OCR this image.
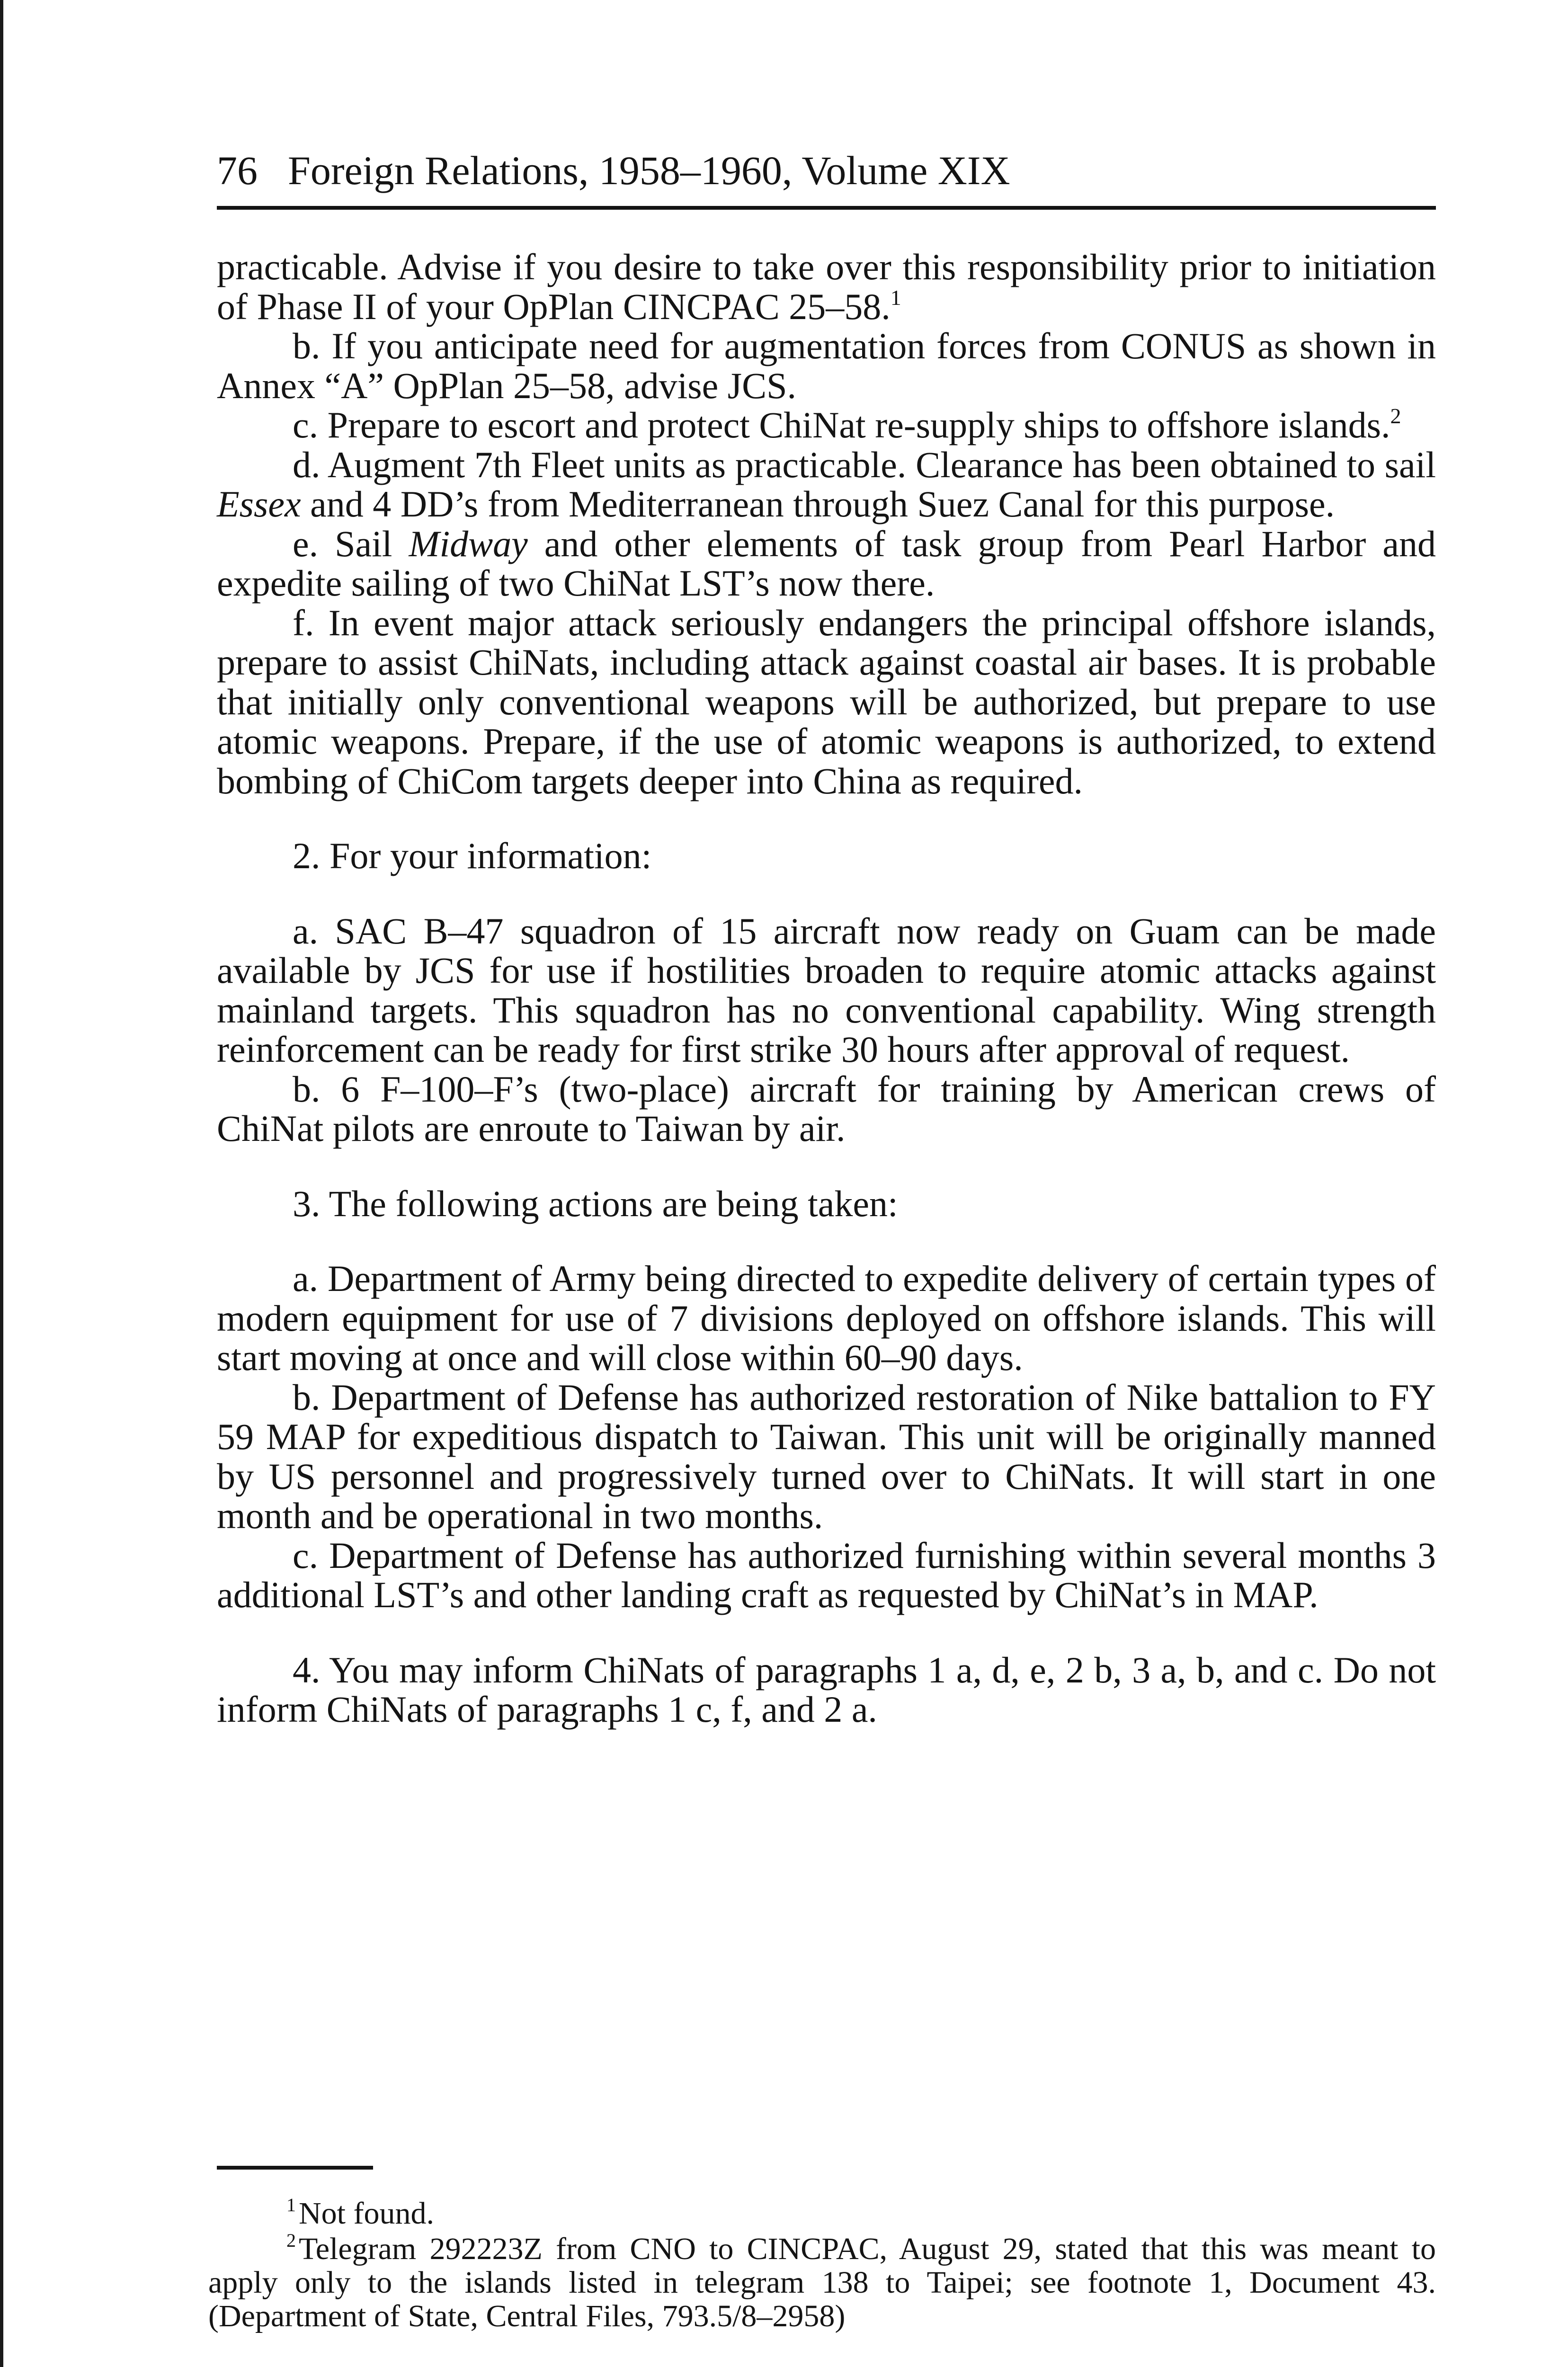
76 Foreign Relations, 1958–1960, Volume XIX

practicable. Advise if you desire to take over this responsibility prior to initiation of Phase II of your OpPlan CINCPAC 25–58.$^1$

b. If you anticipate need for augmentation forces from CONUS as shown in Annex “A” OpPlan 25–58, advise JCS.

c. Prepare to escort and protect ChiNat re-supply ships to offshore islands.$^2$

d. Augment 7th Fleet units as practicable. Clearance has been obtained to sail Essex and 4 DD’s from Mediterranean through Suez Canal for this purpose.

e. Sail Midway and other elements of task group from Pearl Harbor and expedite sailing of two ChiNat LST’s now there.

f. In event major attack seriously endangers the principal offshore islands, prepare to assist ChiNats, including attack against coastal air bases. It is probable that initially only conventional weapons will be authorized, but prepare to use atomic weapons. Prepare, if the use of atomic weapons is authorized, to extend bombing of ChiCom targets deeper into China as required.

2. For your information:

a. SAC B–47 squadron of 15 aircraft now ready on Guam can be made available by JCS for use if hostilities broaden to require atomic attacks against mainland targets. This squadron has no conventional capability. Wing strength reinforcement can be ready for first strike 30 hours after approval of request.

b. 6 F–100–F’s (two-place) aircraft for training by American crews of ChiNat pilots are enroute to Taiwan by air.

3. The following actions are being taken:

a. Department of Army being directed to expedite delivery of certain types of modern equipment for use of 7 divisions deployed on offshore islands. This will start moving at once and will close within 60–90 days.

b. Department of Defense has authorized restoration of Nike battalion to FY 59 MAP for expeditious dispatch to Taiwan. This unit will be originally manned by US personnel and progressively turned over to ChiNats. It will start in one month and be operational in two months.

c. Department of Defense has authorized furnishing within several months 3 additional LST’s and other landing craft as requested by ChiNat’s in MAP.

4. You may inform ChiNats of paragraphs 1 a, d, e, 2 b, 3 a, b, and c. Do not inform ChiNats of paragraphs 1 c, f, and 2 a.

$^1$Not found.

$^2$Telegram 292223Z from CNO to CINCPAC, August 29, stated that this was meant to apply only to the islands listed in telegram 138 to Taipei; see footnote 1, Document 43. (Department of State, Central Files, 793.5/8–2958)
